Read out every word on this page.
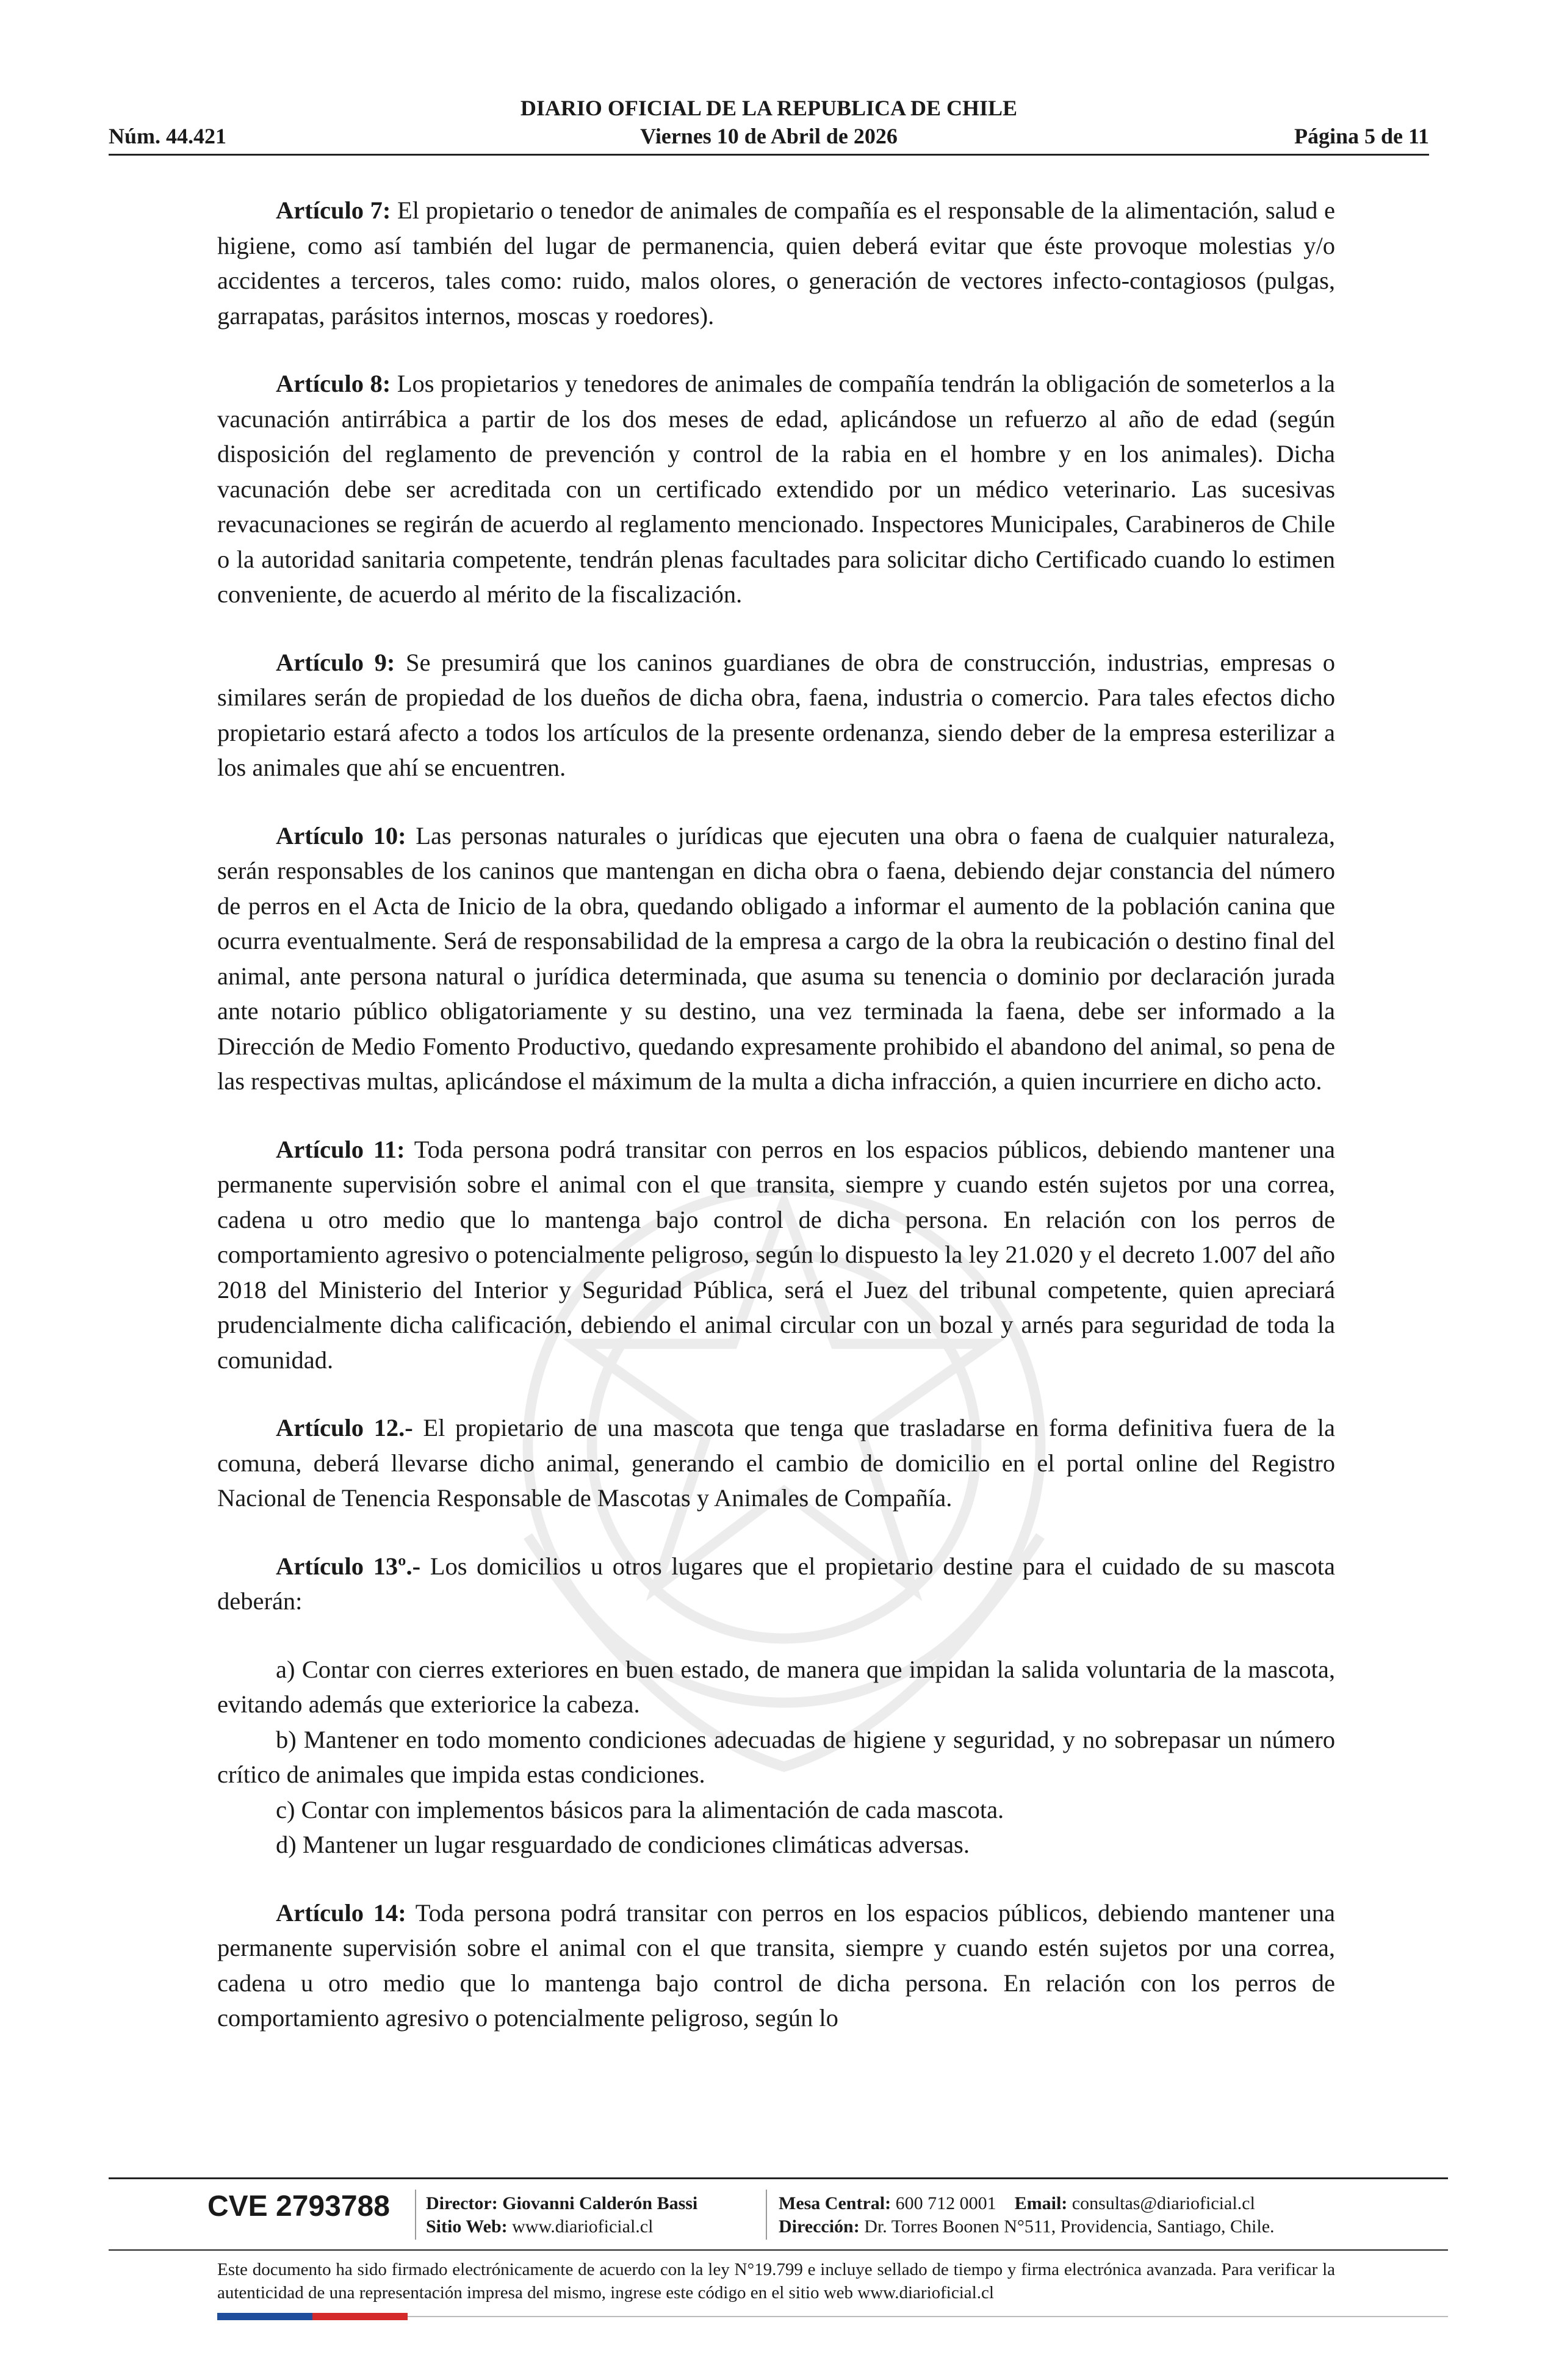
DIARIO OFICIAL DE LA REPUBLICA DE CHILE
Núm. 44.421	Viernes 10 de Abril de 2026	Página 5 de 11

Artículo 7: El propietario o tenedor de animales de compañía es el responsable de la alimentación, salud e higiene, como así también del lugar de permanencia, quien deberá evitar que éste provoque molestias y/o accidentes a terceros, tales como: ruido, malos olores, o generación de vectores infecto-contagiosos (pulgas, garrapatas, parásitos internos, moscas y roedores).

Artículo 8: Los propietarios y tenedores de animales de compañía tendrán la obligación de someterlos a la vacunación antirrábica a partir de los dos meses de edad, aplicándose un refuerzo al año de edad (según disposición del reglamento de prevención y control de la rabia en el hombre y en los animales). Dicha vacunación debe ser acreditada con un certificado extendido por un médico veterinario. Las sucesivas revacunaciones se regirán de acuerdo al reglamento mencionado. Inspectores Municipales, Carabineros de Chile o la autoridad sanitaria competente, tendrán plenas facultades para solicitar dicho Certificado cuando lo estimen conveniente, de acuerdo al mérito de la fiscalización.

Artículo 9: Se presumirá que los caninos guardianes de obra de construcción, industrias, empresas o similares serán de propiedad de los dueños de dicha obra, faena, industria o comercio. Para tales efectos dicho propietario estará afecto a todos los artículos de la presente ordenanza, siendo deber de la empresa esterilizar a los animales que ahí se encuentren.

Artículo 10: Las personas naturales o jurídicas que ejecuten una obra o faena de cualquier naturaleza, serán responsables de los caninos que mantengan en dicha obra o faena, debiendo dejar constancia del número de perros en el Acta de Inicio de la obra, quedando obligado a informar el aumento de la población canina que ocurra eventualmente. Será de responsabilidad de la empresa a cargo de la obra la reubicación o destino final del animal, ante persona natural o jurídica determinada, que asuma su tenencia o dominio por declaración jurada ante notario público obligatoriamente y su destino, una vez terminada la faena, debe ser informado a la Dirección de Medio Fomento Productivo, quedando expresamente prohibido el abandono del animal, so pena de las respectivas multas, aplicándose el máximum de la multa a dicha infracción, a quien incurriere en dicho acto.

Artículo 11: Toda persona podrá transitar con perros en los espacios públicos, debiendo mantener una permanente supervisión sobre el animal con el que transita, siempre y cuando estén sujetos por una correa, cadena u otro medio que lo mantenga bajo control de dicha persona. En relación con los perros de comportamiento agresivo o potencialmente peligroso, según lo dispuesto la ley 21.020 y el decreto 1.007 del año 2018 del Ministerio del Interior y Seguridad Pública, será el Juez del tribunal competente, quien apreciará prudencialmente dicha calificación, debiendo el animal circular con un bozal y arnés para seguridad de toda la comunidad.

Artículo 12.- El propietario de una mascota que tenga que trasladarse en forma definitiva fuera de la comuna, deberá llevarse dicho animal, generando el cambio de domicilio en el portal online del Registro Nacional de Tenencia Responsable de Mascotas y Animales de Compañía.

Artículo 13º.- Los domicilios u otros lugares que el propietario destine para el cuidado de su mascota deberán:

a) Contar con cierres exteriores en buen estado, de manera que impidan la salida voluntaria de la mascota, evitando además que exteriorice la cabeza.

b) Mantener en todo momento condiciones adecuadas de higiene y seguridad, y no sobrepasar un número crítico de animales que impida estas condiciones.

c) Contar con implementos básicos para la alimentación de cada mascota.

d) Mantener un lugar resguardado de condiciones climáticas adversas.

Artículo 14: Toda persona podrá transitar con perros en los espacios públicos, debiendo mantener una permanente supervisión sobre el animal con el que transita, siempre y cuando estén sujetos por una correa, cadena u otro medio que lo mantenga bajo control de dicha persona. En relación con los perros de comportamiento agresivo o potencialmente peligroso, según lo

CVE 2793788 Director: Giovanni Calderón Bassi
Sitio Web: www.diarioficial.cl
Mesa Central: 600 712 0001 Email: consultas@diarioficial.cl
Dirección: Dr. Torres Boonen N°511, Providencia, Santiago, Chile.
Este documento ha sido firmado electrónicamente de acuerdo con la ley N°19.799 e incluye sellado de tiempo y firma electrónica avanzada. Para verificar la autenticidad de una representación impresa del mismo, ingrese este código en el sitio web www.diarioficial.cl
